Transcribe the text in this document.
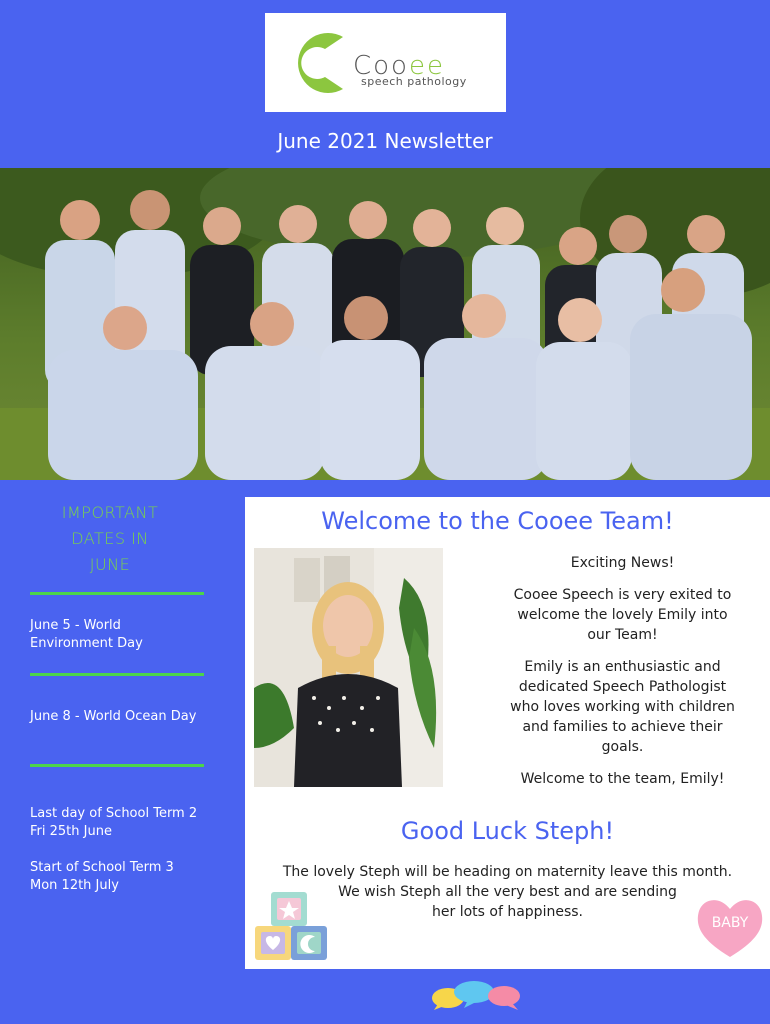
Cooee
speech pathology
June 2021 Newsletter
IMPORTANT
DATES IN
JUNE
June 5 - World
Environment Day
June 8 - World Ocean Day
Last day of School Term 2
Fri 25th June
Start of School Term 3
Mon 12th July
Welcome to the Cooee Team!

Exciting News!

Cooee Speech is very exited to
welcome the lovely Emily into
our Team!

Emily is an enthusiastic and
dedicated Speech Pathologist
who loves working with children
and families to achieve their
goals.

Welcome to the team, Emily!

Good Luck Steph!
The lovely Steph will be heading on maternity leave this month.
We wish Steph all the very best and are sending
her lots of happiness.
BABY
